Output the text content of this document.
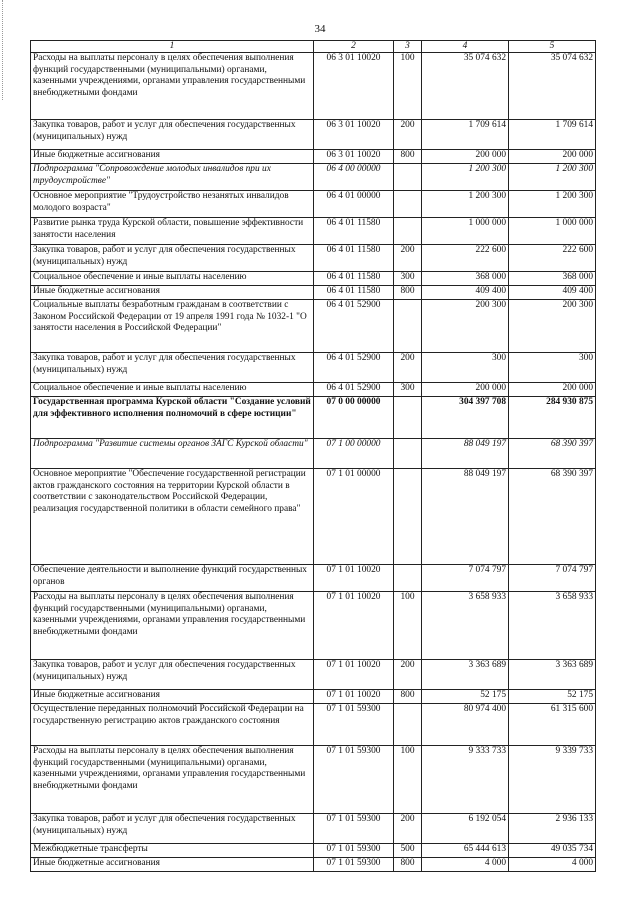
34
1	2	3	4	5
Расходы на выплаты персоналу в целях обеспечения выполнения функций государственными (муниципальными) органами, казенными учреждениями, органами управления государственными внебюджетными фондами	06 3 01 10020	100	35 074 632	35 074 632
Закупка товаров, работ и услуг для обеспечения государственных (муниципальных) нужд	06 3 01 10020	200	1 709 614	1 709 614
Иные бюджетные ассигнования	06 3 01 10020	800	200 000	200 000
Подпрограмма "Сопровождение молодых инвалидов при их трудоустройстве"	06 4 00 00000		1 200 300	1 200 300
Основное мероприятие "Трудоустройство незанятых инвалидов молодого возраста"	06 4 01 00000		1 200 300	1 200 300
Развитие рынка труда Курской области, повышение эффективности занятости населения	06 4 01 11580		1 000 000	1 000 000
Закупка товаров, работ и услуг для обеспечения государственных (муниципальных) нужд	06 4 01 11580	200	222 600	222 600
Социальное обеспечение и иные выплаты населению	06 4 01 11580	300	368 000	368 000
Иные бюджетные ассигнования	06 4 01 11580	800	409 400	409 400
Социальные выплаты безработным гражданам в соответствии с Законом Российской Федерации от 19 апреля 1991 года № 1032-1 "О занятости населения в Российской Федерации"	06 4 01 52900		200 300	200 300
Закупка товаров, работ и услуг для обеспечения государственных (муниципальных) нужд	06 4 01 52900	200	300	300
Социальное обеспечение и иные выплаты населению	06 4 01 52900	300	200 000	200 000
Государственная программа Курской области "Создание условий для эффективного исполнения полномочий в сфере юстиции"	07 0 00 00000		304 397 708	284 930 875
Подпрограмма "Развитие системы органов ЗАГС Курской области"	07 1 00 00000		88 049 197	68 390 397
Основное мероприятие "Обеспечение государственной регистрации актов гражданского состояния на территории Курской области в соответствии с законодательством Российской Федерации, реализация государственной политики в области семейного права"	07 1 01 00000		88 049 197	68 390 397
Обеспечение деятельности и выполнение функций государственных органов	07 1 01 10020		7 074 797	7 074 797
Расходы на выплаты персоналу в целях обеспечения выполнения функций государственными (муниципальными) органами, казенными учреждениями, органами управления государственными внебюджетными фондами	07 1 01 10020	100	3 658 933	3 658 933
Закупка товаров, работ и услуг для обеспечения государственных (муниципальных) нужд	07 1 01 10020	200	3 363 689	3 363 689
Иные бюджетные ассигнования	07 1 01 10020	800	52 175	52 175
Осуществление переданных полномочий Российской Федерации на государственную регистрацию актов гражданского состояния	07 1 01 59300		80 974 400	61 315 600
Расходы на выплаты персоналу в целях обеспечения выполнения функций государственными (муниципальными) органами, казенными учреждениями, органами управления государственными внебюджетными фондами	07 1 01 59300	100	9 333 733	9 339 733
Закупка товаров, работ и услуг для обеспечения государственных (муниципальных) нужд	07 1 01 59300	200	6 192 054	2 936 133
Межбюджетные трансферты	07 1 01 59300	500	65 444 613	49 035 734
Иные бюджетные ассигнования	07 1 01 59300	800	4 000	4 000
